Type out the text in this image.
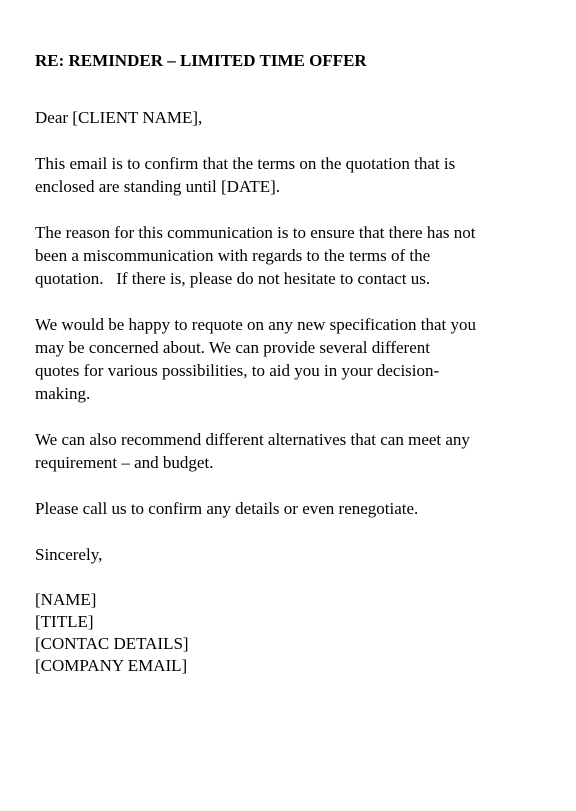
RE: REMINDER – LIMITED TIME OFFER
Dear [CLIENT NAME],
This email is to confirm that the terms on the quotation that is
enclosed are standing until [DATE].
The reason for this communication is to ensure that there has not
been a miscommunication with regards to the terms of the
quotation.   If there is, please do not hesitate to contact us.
We would be happy to requote on any new specification that you
may be concerned about. We can provide several different
quotes for various possibilities, to aid you in your decision-
making.
We can also recommend different alternatives that can meet any
requirement – and budget.
Please call us to confirm any details or even renegotiate.
Sincerely,
[NAME]
[TITLE]
[CONTAC DETAILS]
[COMPANY EMAIL]
